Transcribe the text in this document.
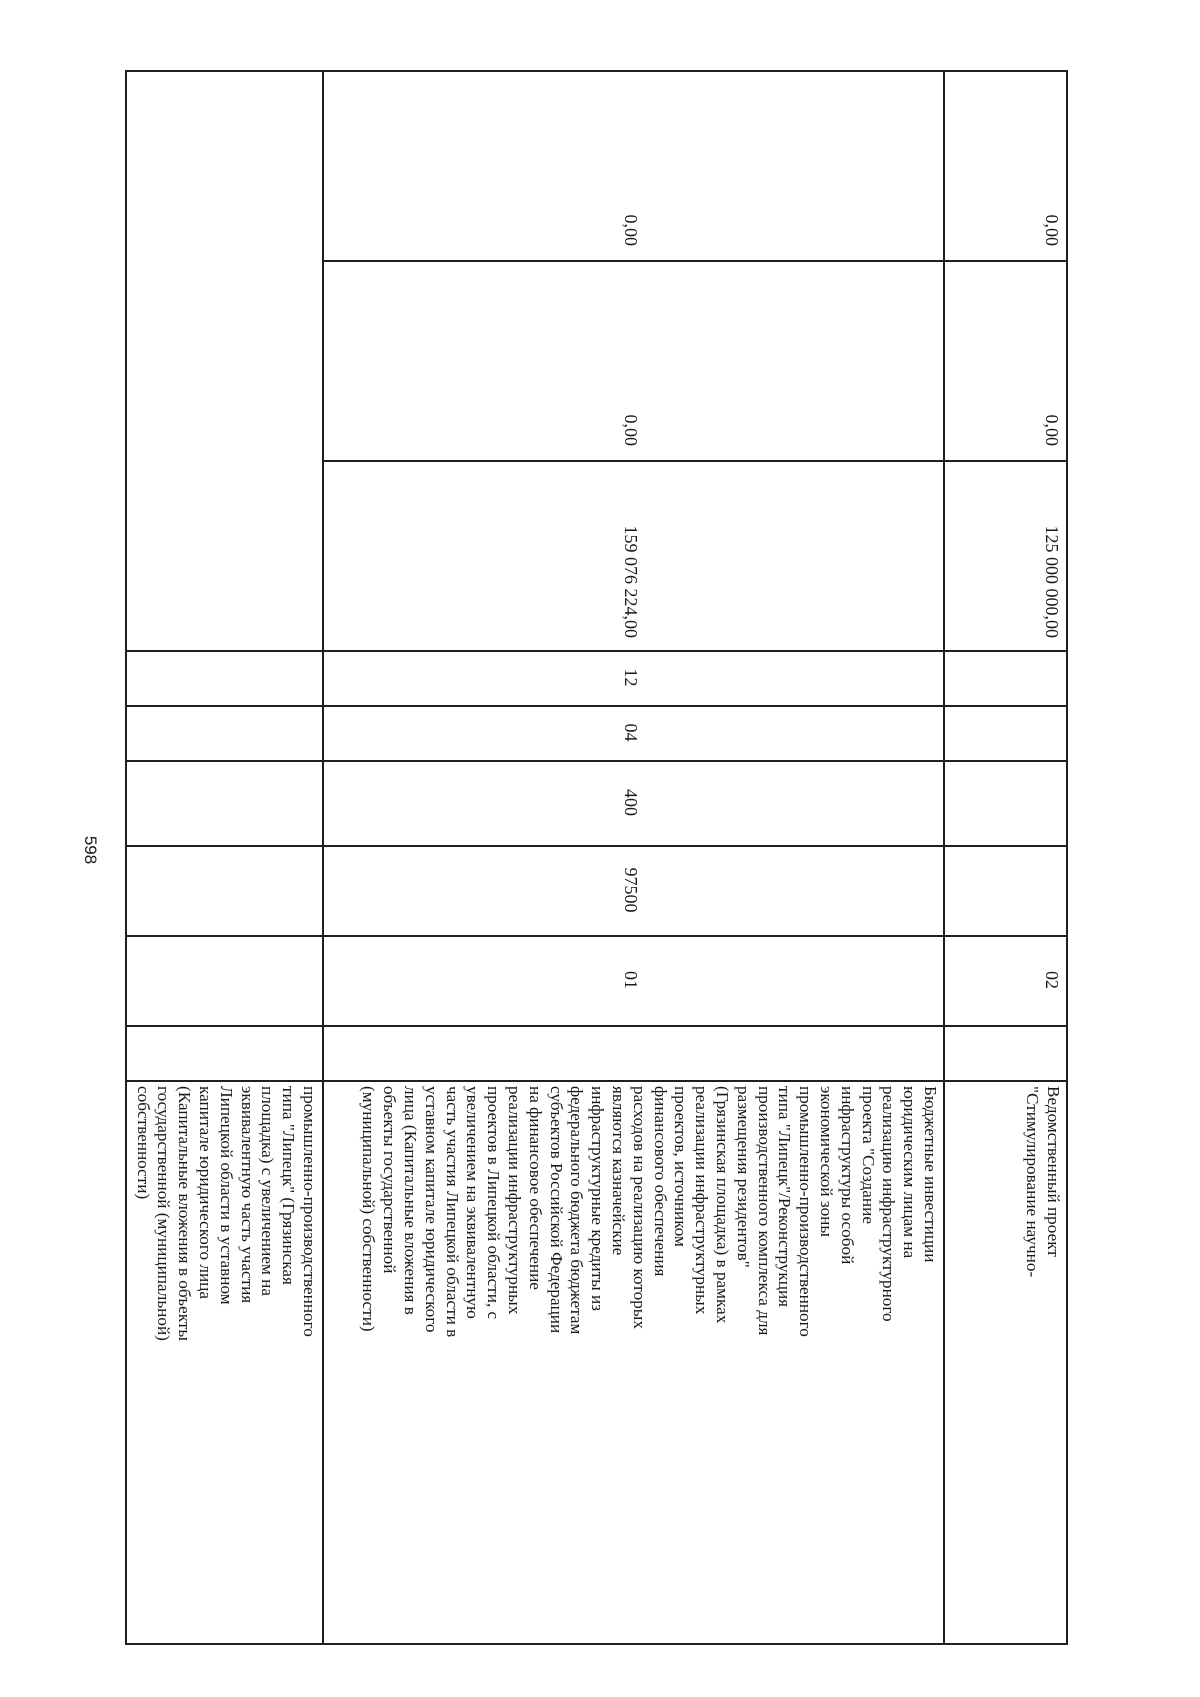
598
промышленно-производственного
типа "Липецк" (Грязинская
площадка) с увеличением на
эквивалентную часть участия
Липецкой области в уставном
капитале юридического лица
(Капитальные вложения в объекты
государственной (муниципальной)
собственности)
0,00
0,00
159 076 224,00
12
04
400
97500
01
Бюджетные инвестиции
юридическим лицам на
реализацию инфраструктурного
проекта "Создание
инфраструктуры особой
экономической зоны
промышленно-производственного
типа "Липецк"/Реконструкция
производственного комплекса для
размещения резидентов"
(Грязинская площадка) в рамках
реализации инфраструктурных
проектов, источником
финансового обеспечения
расходов на реализацию которых
являются казначейские
инфраструктурные кредиты из
федерального бюджета бюджетам
субъектов Российской Федерации
на финансовое обеспечение
реализации инфраструктурных
проектов в Липецкой области, с
увеличением на эквивалентную
часть участия Липецкой области в
уставном капитале юридического
лица (Капитальные вложения в
объекты государственной
(муниципальной) собственности)
0,00
0,00
125 000 000,00
02
Ведомственный проект
"Стимулирование научно-
